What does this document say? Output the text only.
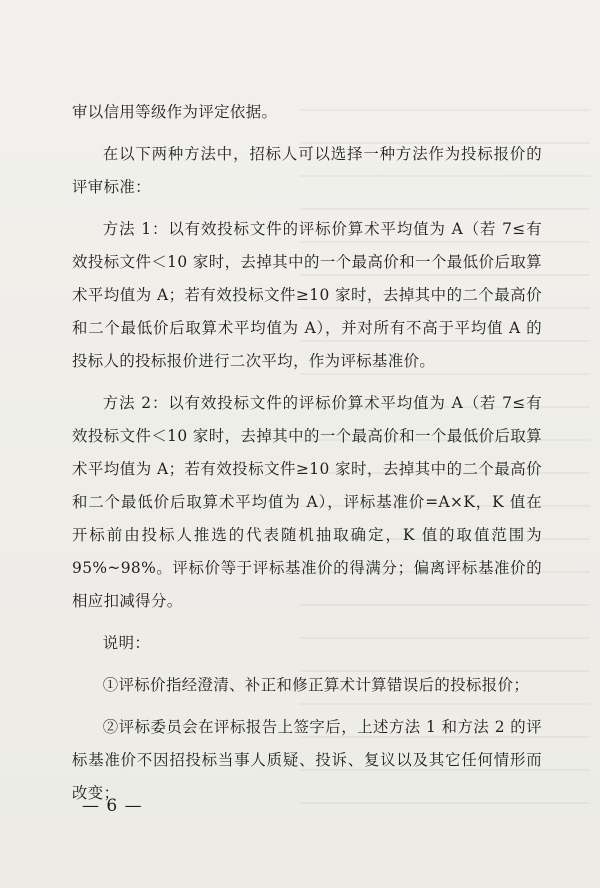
审以信用等级作为评定依据。

在以下两种方法中，招标人可以选择一种方法作为投标报价的评审标准：

方法 1：以有效投标文件的评标价算术平均值为 A（若 7≤有效投标文件＜10 家时，去掉其中的一个最高价和一个最低价后取算术平均值为 A；若有效投标文件≥10 家时，去掉其中的二个最高价和二个最低价后取算术平均值为 A），并对所有不高于平均值 A 的投标人的投标报价进行二次平均，作为评标基准价。

方法 2：以有效投标文件的评标价算术平均值为 A（若 7≤有效投标文件＜10 家时，去掉其中的一个最高价和一个最低价后取算术平均值为 A；若有效投标文件≥10 家时，去掉其中的二个最高价和二个最低价后取算术平均值为 A），评标基准价=A×K，K 值在开标前由投标人推选的代表随机抽取确定，K 值的取值范围为 95%~98%。评标价等于评标基准价的得满分；偏离评标基准价的相应扣减得分。

说明：

①评标价指经澄清、补正和修正算术计算错误后的投标报价；

②评标委员会在评标报告上签字后，上述方法 1 和方法 2 的评标基准价不因招投标当事人质疑、投诉、复议以及其它任何情形而改变；

— 6 —
